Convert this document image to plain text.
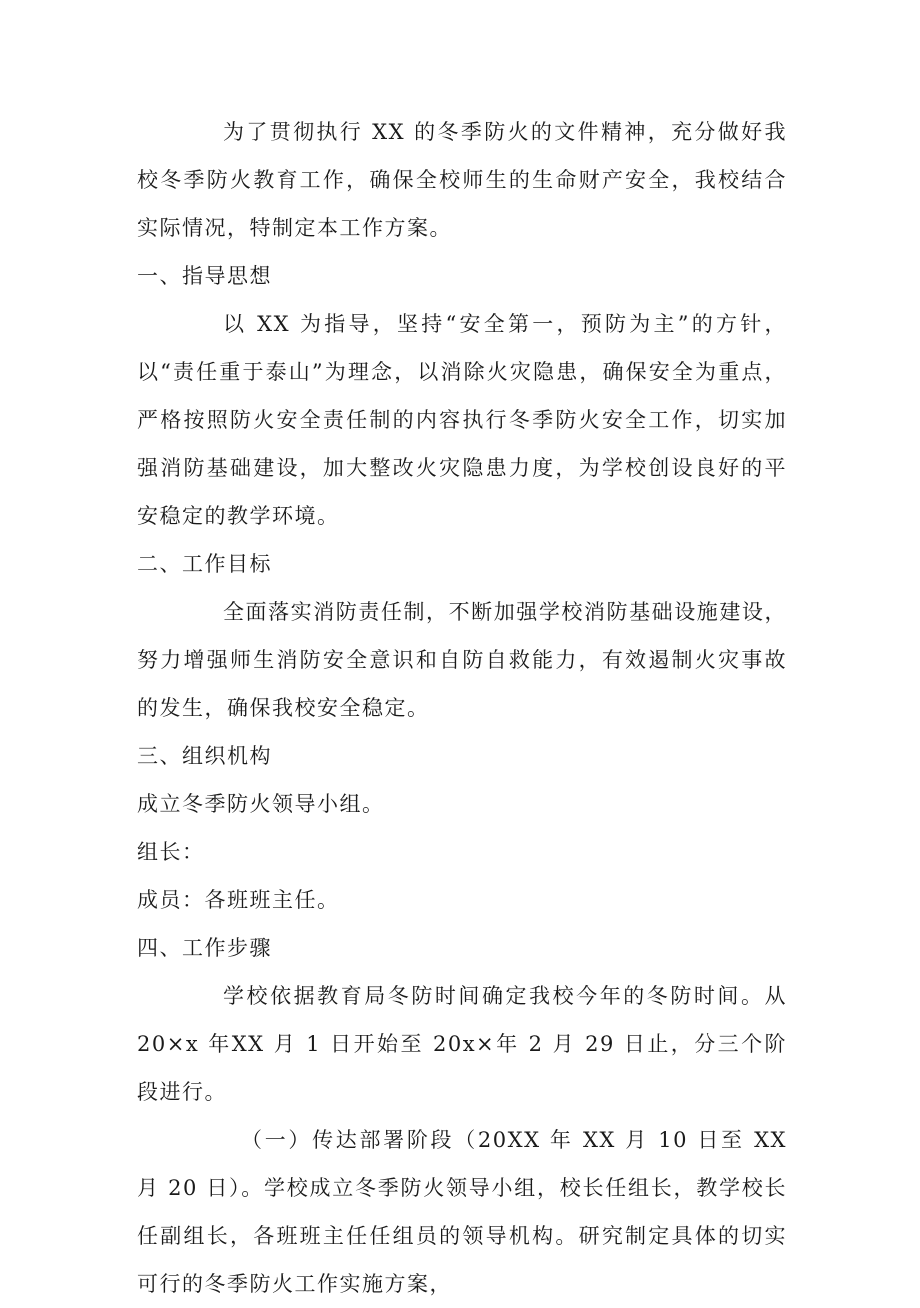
为了贯彻执行 XX 的冬季防火的文件精神，充分做好我校冬季防火教育工作，确保全校师生的生命财产安全，我校结合实际情况，特制定本工作方案。

一、指导思想

以 XX 为指导，坚持“安全第一，预防为主”的方针，以“责任重于泰山”为理念，以消除火灾隐患，确保安全为重点，严格按照防火安全责任制的内容执行冬季防火安全工作，切实加强消防基础建设，加大整改火灾隐患力度，为学校创设良好的平安稳定的教学环境。

二、工作目标

全面落实消防责任制，不断加强学校消防基础设施建设，努力增强师生消防安全意识和自防自救能力，有效遏制火灾事故的发生，确保我校安全稳定。

三、组织机构

成立冬季防火领导小组。

组长：

成员：各班班主任。

四、工作步骤

学校依据教育局冬防时间确定我校今年的冬防时间。从 20×x 年XX 月 1 日开始至 20x×年 2 月 29 日止，分三个阶段进行。

（一）传达部署阶段（20XX 年 XX 月 10 日至 XX 月 20 日）。学校成立冬季防火领导小组，校长任组长，教学校长任副组长，各班班主任任组员的领导机构。研究制定具体的切实可行的冬季防火工作实施方案，
